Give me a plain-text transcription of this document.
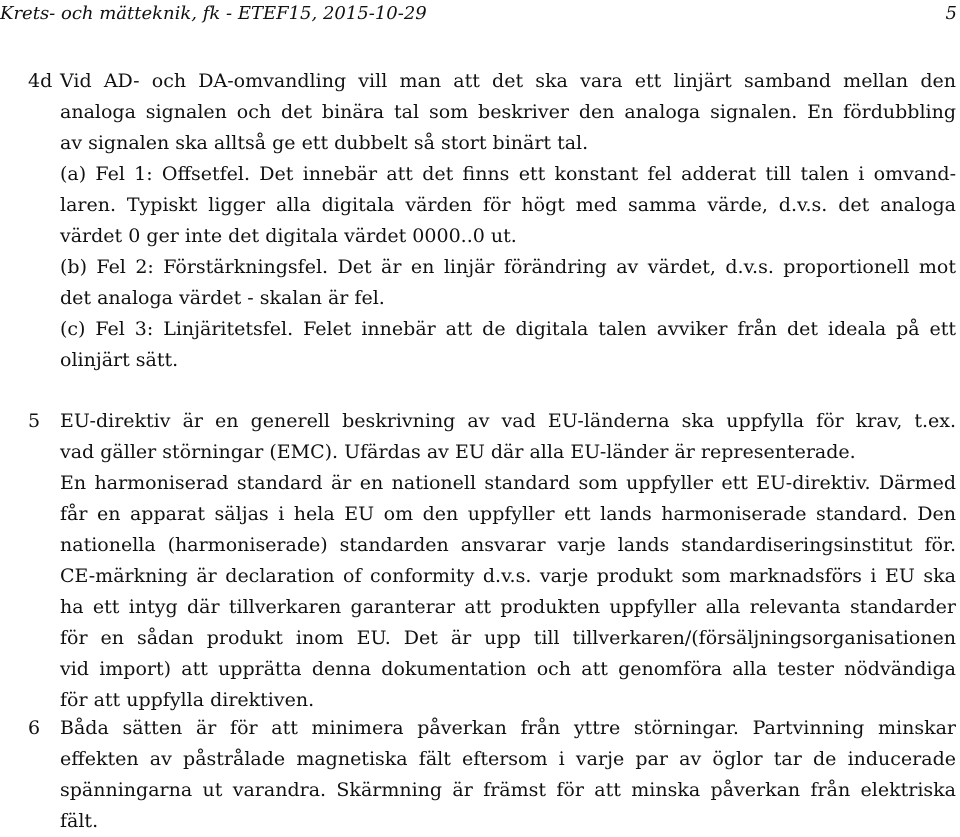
Krets- och mätteknik, fk - ETEF15, 2015-10-29	5
4d Vid AD- och DA-omvandling vill man att det ska vara ett linjärt samband mellan den
analoga signalen och det binära tal som beskriver den analoga signalen. En fördubbling
av signalen ska alltså ge ett dubbelt så stort binärt tal.
(a) Fel 1: Offsetfel. Det innebär att det finns ett konstant fel adderat till talen i omvand-
laren. Typiskt ligger alla digitala värden för högt med samma värde, d.v.s. det analoga
värdet 0 ger inte det digitala värdet 0000..0 ut.
(b) Fel 2: Förstärkningsfel. Det är en linjär förändring av värdet, d.v.s. proportionell mot
det analoga värdet - skalan är fel.
(c) Fel 3: Linjäritetsfel. Felet innebär att de digitala talen avviker från det ideala på ett
olinjärt sätt.
5 EU-direktiv är en generell beskrivning av vad EU-länderna ska uppfylla för krav, t.ex.
vad gäller störningar (EMC). Ufärdas av EU där alla EU-länder är representerade.
En harmoniserad standard är en nationell standard som uppfyller ett EU-direktiv. Därmed
får en apparat säljas i hela EU om den uppfyller ett lands harmoniserade standard. Den
nationella (harmoniserade) standarden ansvarar varje lands standardiseringsinstitut för.
CE-märkning är declaration of conformity d.v.s. varje produkt som marknadsförs i EU ska
ha ett intyg där tillverkaren garanterar att produkten uppfyller alla relevanta standarder
för en sådan produkt inom EU. Det är upp till tillverkaren/(försäljningsorganisationen
vid import) att upprätta denna dokumentation och att genomföra alla tester nödvändiga
för att uppfylla direktiven.
6 Båda sätten är för att minimera påverkan från yttre störningar. Partvinning minskar
effekten av påstrålade magnetiska fält eftersom i varje par av öglor tar de inducerade
spänningarna ut varandra. Skärmning är främst för att minska påverkan från elektriska
fält.
